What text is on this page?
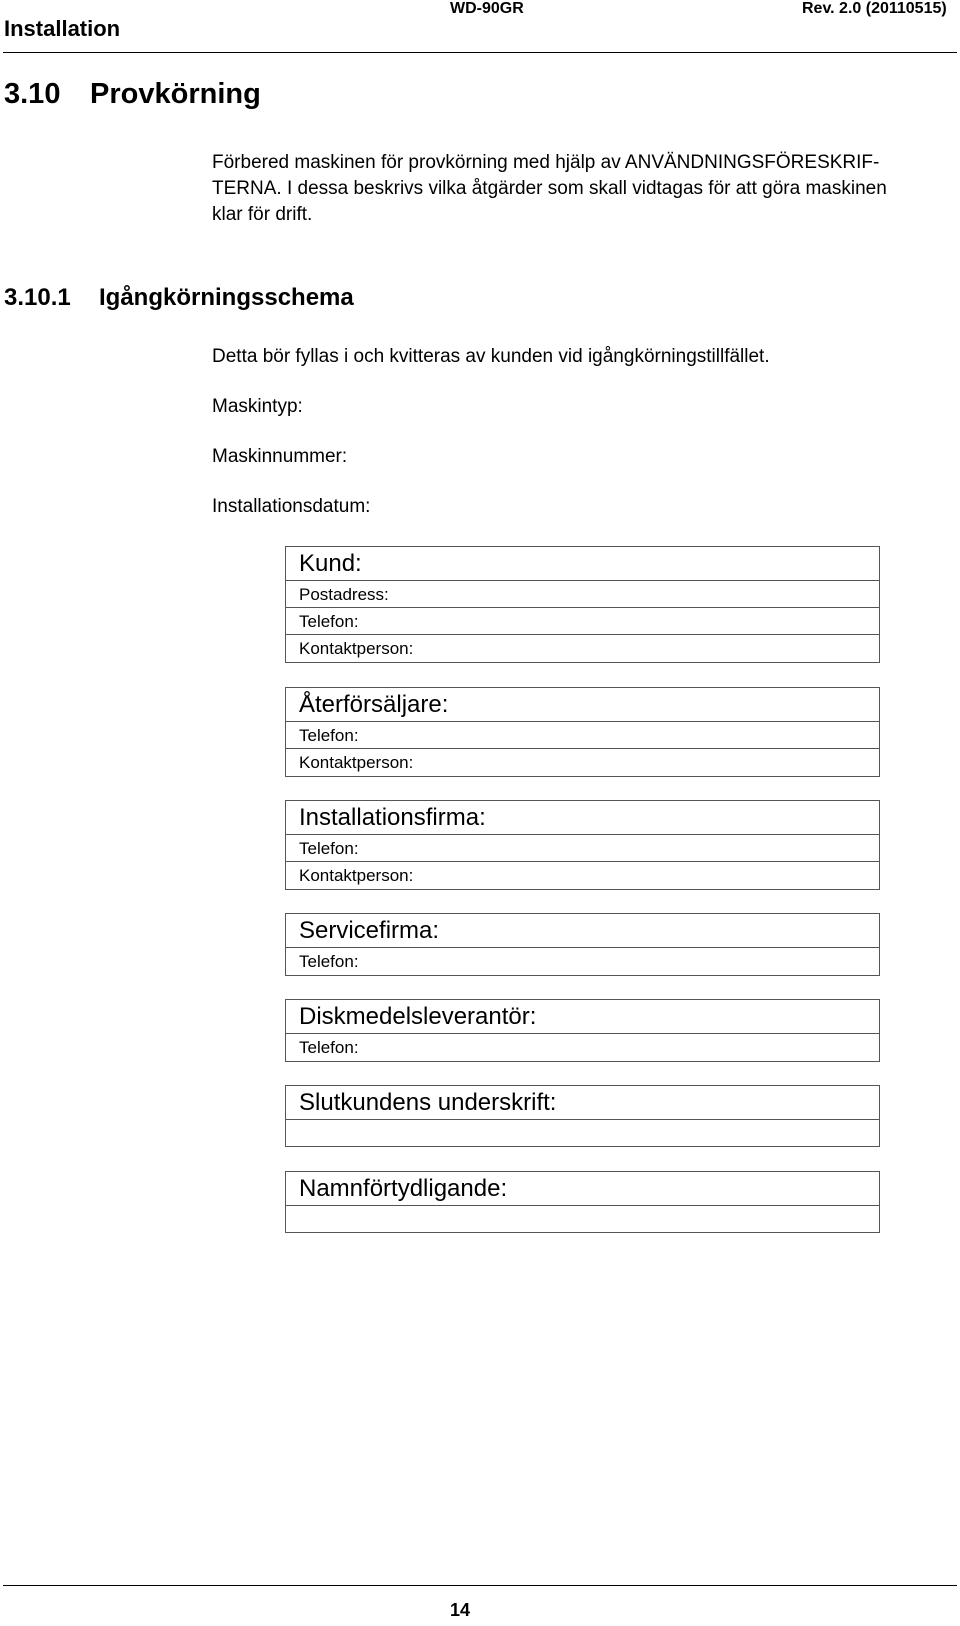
Installation
WD-90GR	Rev. 2.0 (20110515)
3.10 Provkörning
Förbered maskinen för provkörning med hjälp av ANVÄNDNINGSFÖRESKRIF-
TERNA. I dessa beskrivs vilka åtgärder som skall vidtagas för att göra maskinen
klar för drift.
3.10.1 Igångkörningsschema
Detta bör fyllas i och kvitteras av kunden vid igångkörningstillfället.
Maskintyp:
Maskinnummer:
Installationsdatum:
Kund:
Postadress:
Telefon:
Kontaktperson:
Återförsäljare:
Telefon:
Kontaktperson:
Installationsfirma:
Telefon:
Kontaktperson:
Servicefirma:
Telefon:
Diskmedelsleverantör:
Telefon:
Slutkundens underskrift:
Namnförtydligande:
14
